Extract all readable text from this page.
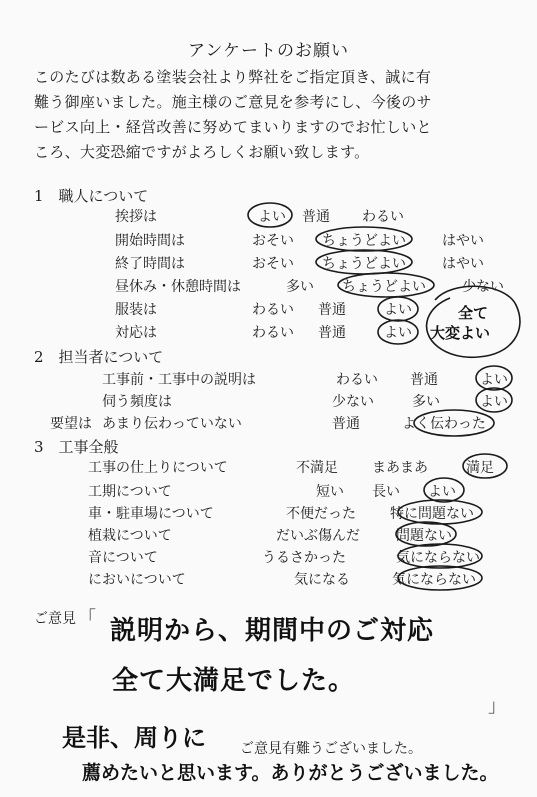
アンケートのお願い
このたびは数ある塗装会社より弊社をご指定頂き、誠に有
難う御座いました。施主様のご意見を参考にし、今後のサ
ービス向上・経営改善に努めてまいりますのでお忙しいと
ころ、大変恐縮ですがよろしくお願い致します。
1　職人について
挨拶は	よい 普通 わるい
開始時間は	おそい ちょうどよい	はやい
終了時間は	おそい ちょうどよい	はやい
昼休み・休憩時間は	多い ちょうどよい	少ない
服装は	わるい 普通	よい
対応は	わるい 普通	よい
全て
大変よい
2　担当者について
工事前・工事中の説明は	わるい 普通	よい
伺う頻度は	少ない	多い	よい
要望は あまり伝わっていない	普通	よく伝わった
3　工事全般
工事の仕上りについて	不満足 まあまあ	満足
工期について	短い 長い よい
車・駐車場について	不便だった 特に問題ない
植栽について	だいぶ傷んだ	問題ない
音について	うるさかった	気にならない
においについて	気になる	気にならない
ご意見 「
」
説明から、期間中のご対応
全て大満足でした。
是非、周りに ご意見有難うございました。
薦めたいと思います。ありがとうございました。
